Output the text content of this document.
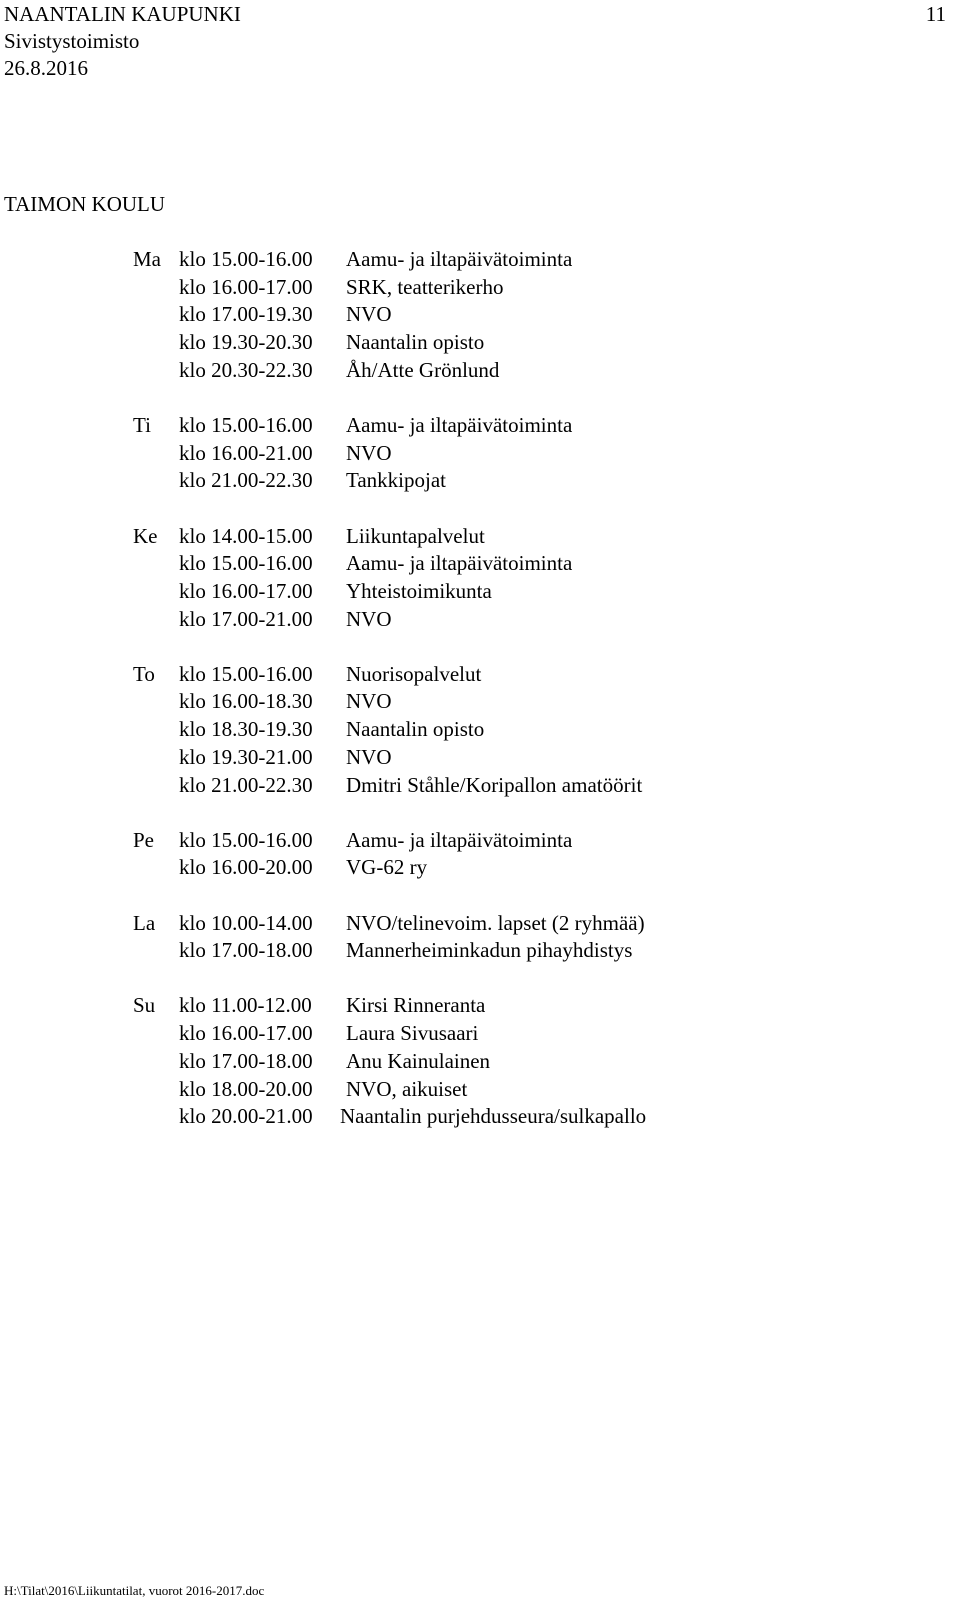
NAANTALIN KAUPUNKI
Sivistystoimisto
26.8.2016
11
TAIMON KOULU
Ma klo 15.00-16.00 Aamu- ja iltapäivätoiminta
klo 16.00-17.00 SRK, teatterikerho
klo 17.00-19.30 NVO
klo 19.30-20.30 Naantalin opisto
klo 20.30-22.30 Åh/Atte Grönlund
Ti klo 15.00-16.00 Aamu- ja iltapäivätoiminta
klo 16.00-21.00 NVO
klo 21.00-22.30 Tankkipojat
Ke klo 14.00-15.00 Liikuntapalvelut
klo 15.00-16.00 Aamu- ja iltapäivätoiminta
klo 16.00-17.00 Yhteistoimikunta
klo 17.00-21.00 NVO
To klo 15.00-16.00 Nuorisopalvelut
klo 16.00-18.30 NVO
klo 18.30-19.30 Naantalin opisto
klo 19.30-21.00 NVO
klo 21.00-22.30 Dmitri Ståhle/Koripallon amatöörit
Pe klo 15.00-16.00 Aamu- ja iltapäivätoiminta
klo 16.00-20.00 VG-62 ry
La klo 10.00-14.00 NVO/telinevoim. lapset (2 ryhmää)
klo 17.00-18.00 Mannerheiminkadun pihayhdistys
Su klo 11.00-12.00 Kirsi Rinneranta
klo 16.00-17.00 Laura Sivusaari
klo 17.00-18.00 Anu Kainulainen
klo 18.00-20.00 NVO, aikuiset
klo 20.00-21.00 Naantalin purjehdusseura/sulkapallo
H:\Tilat\2016\Liikuntatilat, vuorot 2016-2017.doc
